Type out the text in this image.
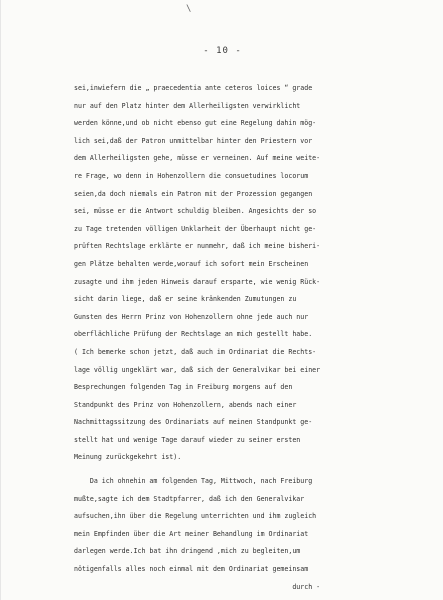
\
- 10 -
sei,inwiefern die „ praecedentia ante ceteros loices “ grade
nur auf den Platz hinter dem Allerheiligsten verwirklicht
werden könne,und ob nicht ebenso gut eine Regelung dahin mög-
lich sei,daß der Patron unmittelbar hinter den Priestern vor
dem Allerheiligsten gehe, müsse er verneinen. Auf meine weite-
re Frage, wo denn in Hohenzollern die consuetudines locorum
seien,da doch niemals ein Patron mit der Prozession gegangen
sei, müsse er die Antwort schuldig bleiben. Angesichts der so
zu Tage tretenden völligen Unklarheit der Überhaupt nicht ge-
prüften Rechtslage erklärte er nunmehr, daß ich meine bisheri-
gen Plätze behalten werde,worauf ich sofort mein Erscheinen
zusagte und ihm jeden Hinweis darauf ersparte, wie wenig Rück-
sicht darin liege, daß er seine kränkenden Zumutungen zu
Gunsten des Herrn Prinz von Hohenzollern ohne jede auch nur
oberflächliche Prüfung der Rechtslage an mich gestellt habe.
( Ich bemerke schon jetzt, daß auch im Ordinariat die Rechts-
lage völlig ungeklärt war, daß sich der Generalvikar bei einer
Besprechungen folgenden Tag in Freiburg morgens auf den
Standpunkt des Prinz von Hohenzollern, abends nach einer
Nachmittagssitzung des Ordinariats auf meinen Standpunkt ge-
stellt hat und wenige Tage darauf wieder zu seiner ersten
Meinung zurückgekehrt ist).
Da ich ohnehin am folgenden Tag, Mittwoch, nach Freiburg
mußte,sagte ich dem Stadtpfarrer, daß ich den Generalvikar
aufsuchen,ihn über die Regelung unterrichten und ihm zugleich
mein Empfinden über die Art meiner Behandlung im Ordinariat
darlegen werde.Ich bat ihn dringend ,mich zu begleiten,um
nötigenfalls alles noch einmal mit dem Ordinariat gemeinsam
durch -
